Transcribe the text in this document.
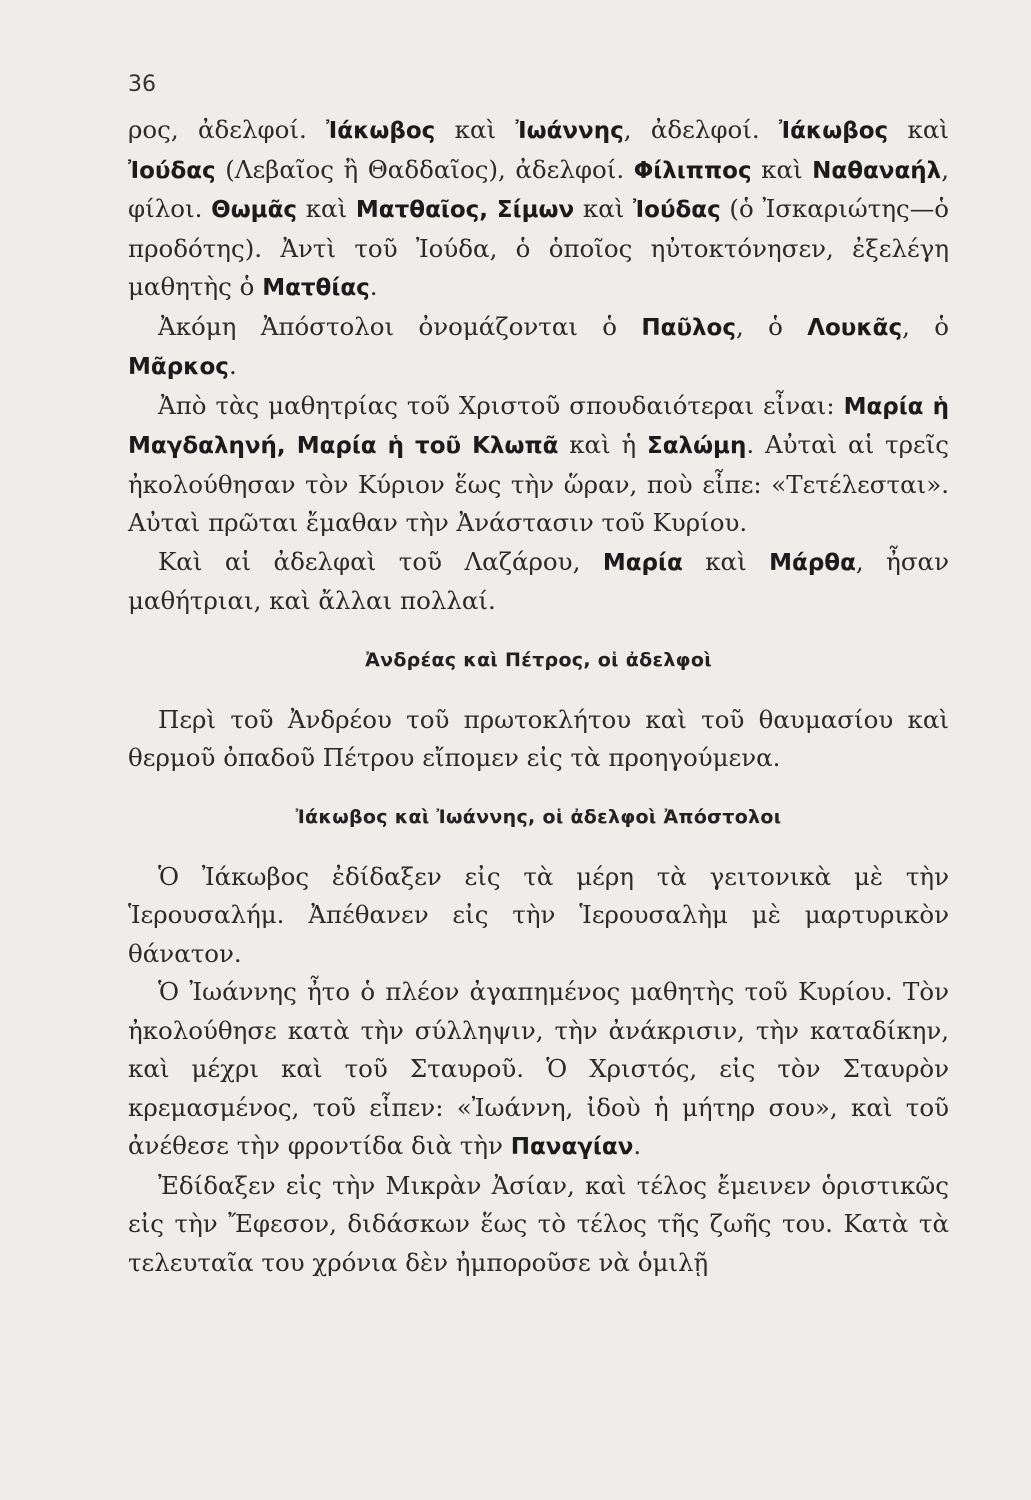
36

ρος, ἀδελφοί. Ἰάκωβος καὶ Ἰωάννης, ἀδελφοί. Ἰάκωβος καὶ Ἰούδας (Λεβαῖος ἢ Θαδδαῖος), ἀδελφοί. Φίλιππος καὶ Ναθαναήλ, φίλοι. Θωμᾶς καὶ Ματθαῖος, Σίμων καὶ Ἰούδας (ὁ Ἰσκαριώτης—ὁ προδότης). Ἀντὶ τοῦ Ἰούδα, ὁ ὁποῖος ηὐτοκτόνησεν, ἐξελέγη μαθητὴς ὁ Ματθίας.

Ἀκόμη Ἀπόστολοι ὀνομάζονται ὁ Παῦλος, ὁ Λουκᾶς, ὁ Μᾶρκος.

Ἀπὸ τὰς μαθητρίας τοῦ Χριστοῦ σπουδαιότεραι εἶναι: Μαρία ἡ Μαγδαληνή, Μαρία ἡ τοῦ Κλωπᾶ καὶ ἡ Σαλώμη. Αὐταὶ αἱ τρεῖς ἠκολούθησαν τὸν Κύριον ἕως τὴν ὥραν, ποὺ εἶπε: «Τετέλεσται». Αὐταὶ πρῶται ἔμαθαν τὴν Ἀνάστασιν τοῦ Κυρίου.

Καὶ αἱ ἀδελφαὶ τοῦ Λαζάρου, Μαρία καὶ Μάρθα, ἦσαν μαθήτριαι, καὶ ἄλλαι πολλαί.

Ἀνδρέας καὶ Πέτρος, οἱ ἀδελφοὶ

Περὶ τοῦ Ἀνδρέου τοῦ πρωτοκλήτου καὶ τοῦ θαυμασίου καὶ θερμοῦ ὀπαδοῦ Πέτρου εἴπομεν εἰς τὰ προηγούμενα.

Ἰάκωβος καὶ Ἰωάννης, οἱ ἀδελφοὶ Ἀπόστολοι

Ὁ Ἰάκωβος ἐδίδαξεν εἰς τὰ μέρη τὰ γειτονικὰ μὲ τὴν Ἱερουσαλήμ. Ἀπέθανεν εἰς τὴν Ἱερουσαλὴμ μὲ μαρτυρικὸν θάνατον.

Ὁ Ἰωάννης ἦτο ὁ πλέον ἀγαπημένος μαθητὴς τοῦ Κυρίου. Τὸν ἠκολούθησε κατὰ τὴν σύλληψιν, τὴν ἀνάκρισιν, τὴν καταδίκην, καὶ μέχρι καὶ τοῦ Σταυροῦ. Ὁ Χριστός, εἰς τὸν Σταυρὸν κρεμασμένος, τοῦ εἶπεν: «Ἰωάννη, ἰδοὺ ἡ μήτηρ σου», καὶ τοῦ ἀνέθεσε τὴν φροντίδα διὰ τὴν Παναγίαν.

Ἐδίδαξεν εἰς τὴν Μικρὰν Ἀσίαν, καὶ τέλος ἔμεινεν ὁριστικῶς εἰς τὴν Ἔφεσον, διδάσκων ἕως τὸ τέλος τῆς ζωῆς του. Κατὰ τὰ τελευταῖα του χρόνια δὲν ἠμποροῦσε νὰ ὁμιλῇ
